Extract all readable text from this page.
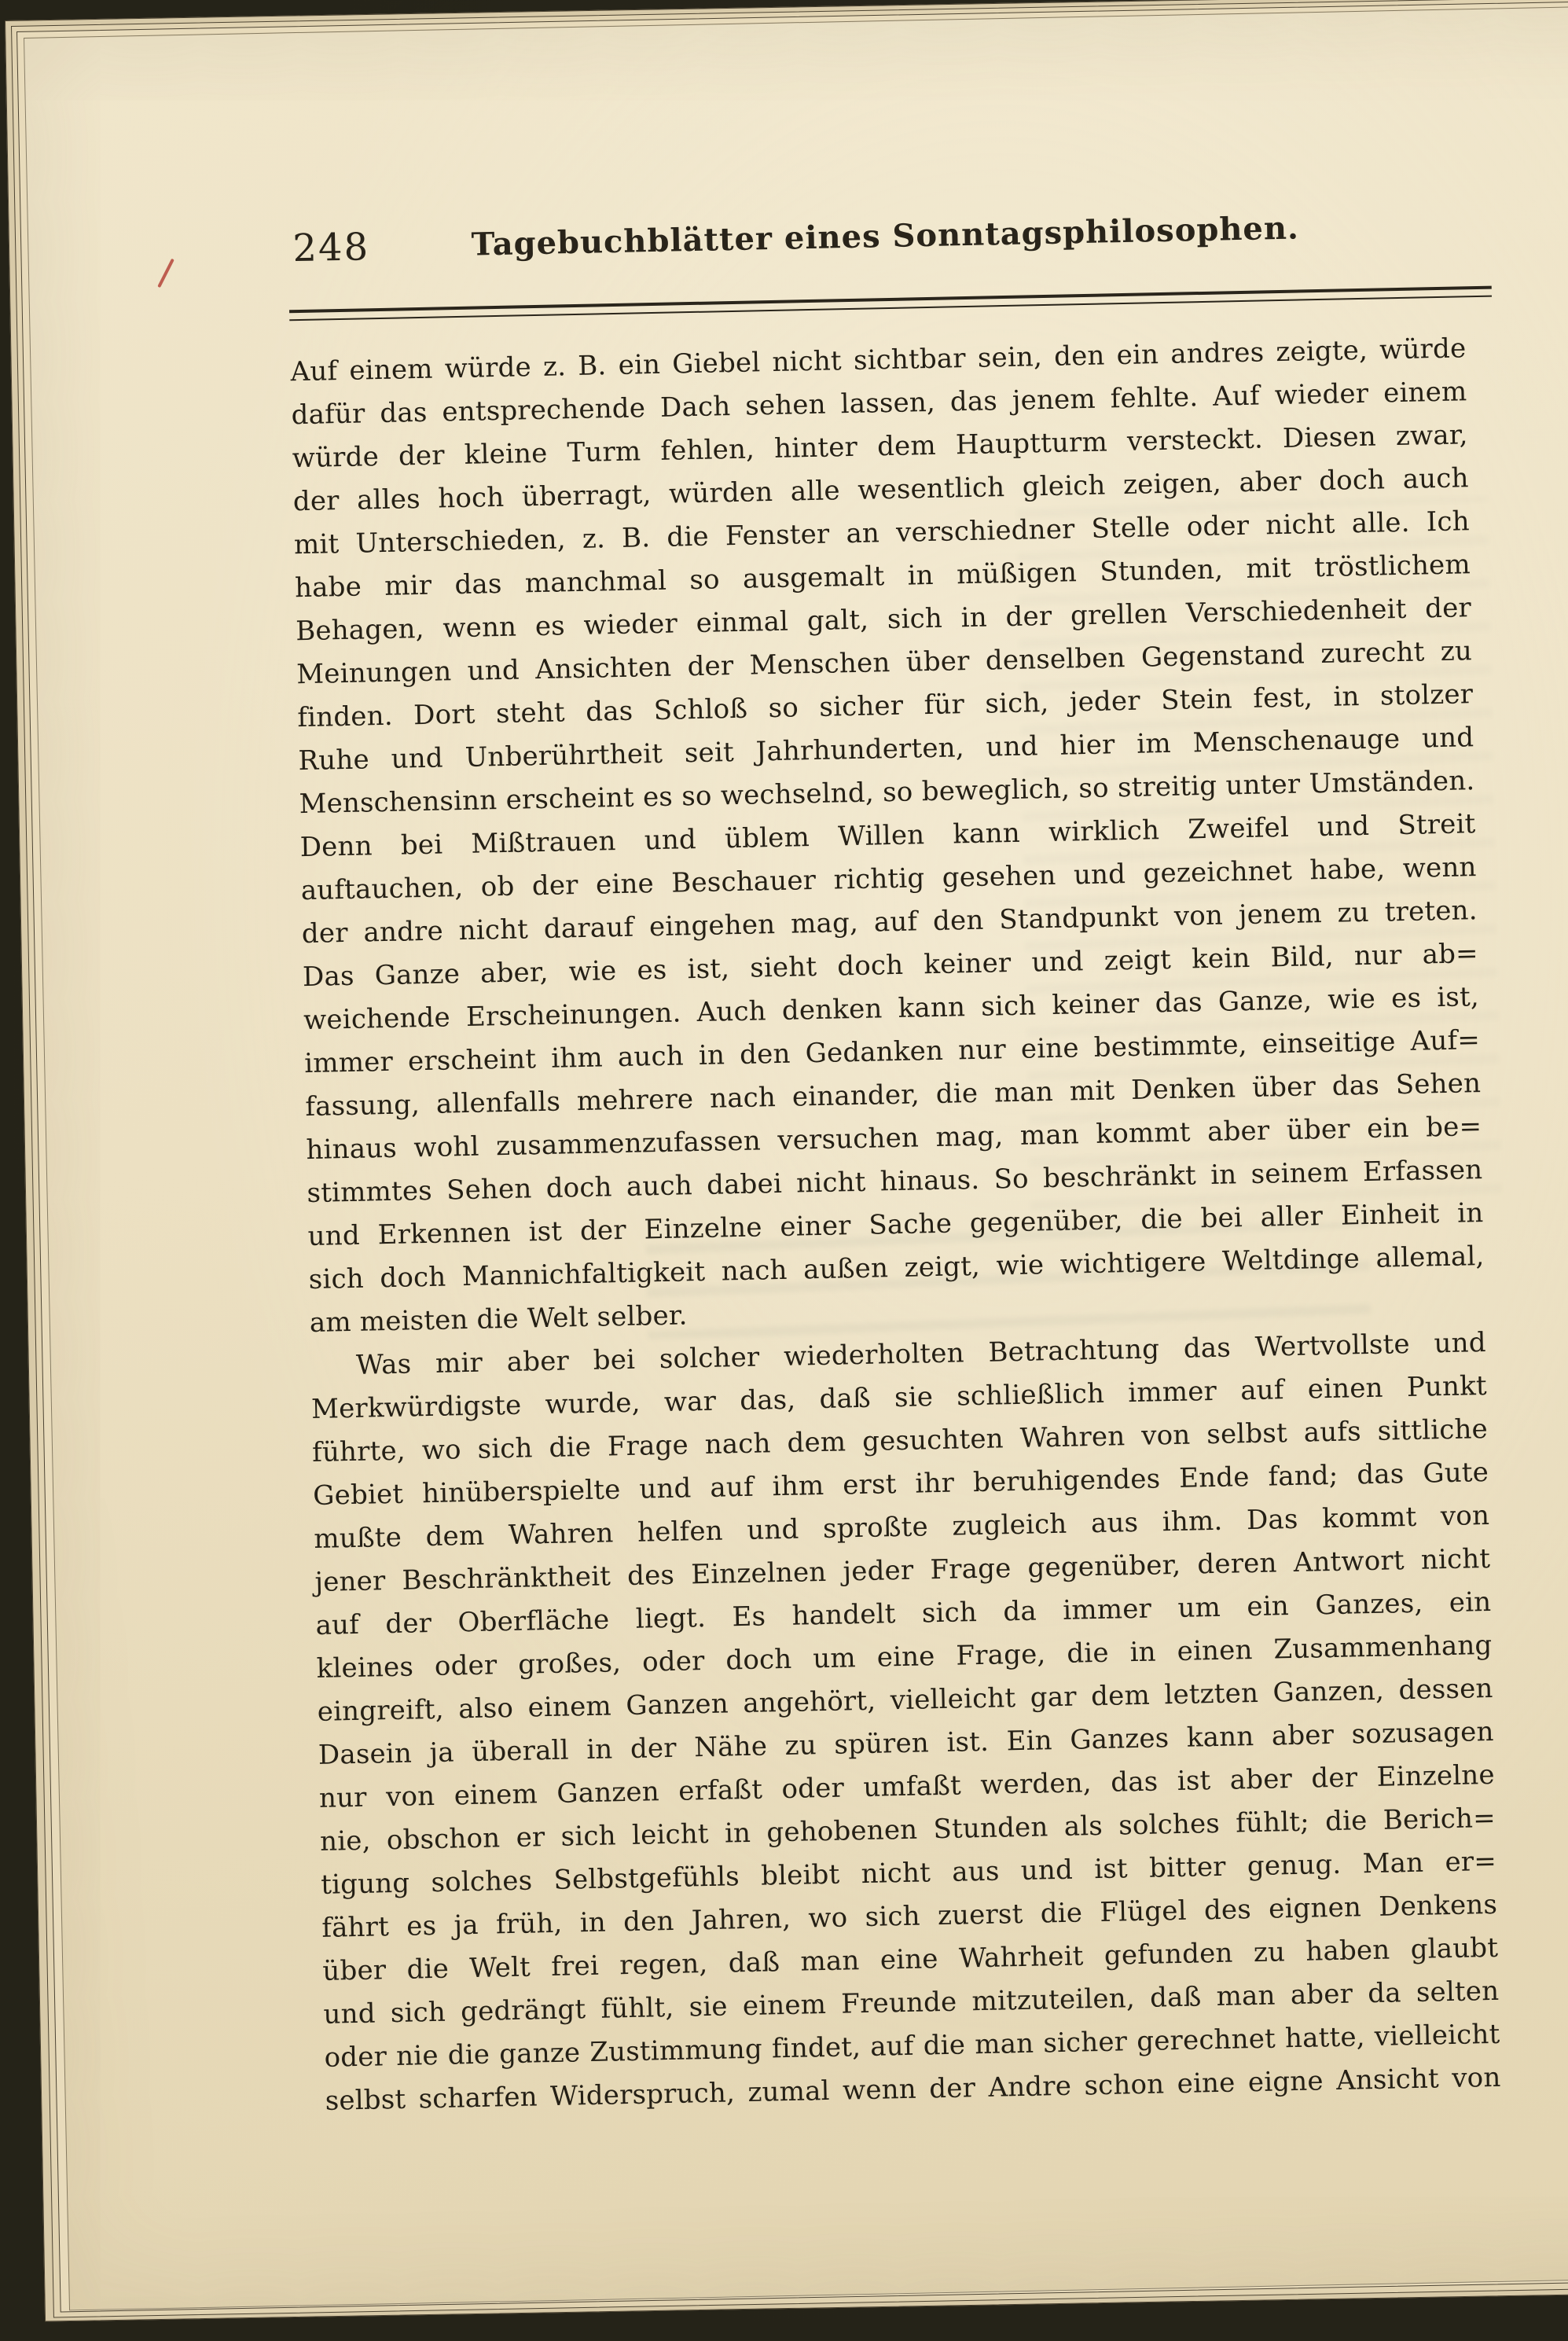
248	Tagebuchblätter eines Sonntagsphilosophen.
Auf einem würde z. B. ein Giebel nicht sichtbar sein, den ein andres zeigte, würde
dafür das entsprechende Dach sehen lassen, das jenem fehlte. Auf wieder einem
würde der kleine Turm fehlen, hinter dem Hauptturm versteckt. Diesen zwar,
der alles hoch überragt, würden alle wesentlich gleich zeigen, aber doch auch
mit Unterschieden, z. B. die Fenster an verschiedner Stelle oder nicht alle. Ich
habe mir das manchmal so ausgemalt in müßigen Stunden, mit tröstlichem
Behagen, wenn es wieder einmal galt, sich in der grellen Verschiedenheit der
Meinungen und Ansichten der Menschen über denselben Gegenstand zurecht zu
finden. Dort steht das Schloß so sicher für sich, jeder Stein fest, in stolzer
Ruhe und Unberührtheit seit Jahrhunderten, und hier im Menschenauge und
Menschensinn erscheint es so wechselnd, so beweglich, so streitig unter Umständen.
Denn bei Mißtrauen und üblem Willen kann wirklich Zweifel und Streit
auftauchen, ob der eine Beschauer richtig gesehen und gezeichnet habe, wenn
der andre nicht darauf eingehen mag, auf den Standpunkt von jenem zu treten.
Das Ganze aber, wie es ist, sieht doch keiner und zeigt kein Bild, nur ab=
weichende Erscheinungen. Auch denken kann sich keiner das Ganze, wie es ist,
immer erscheint ihm auch in den Gedanken nur eine bestimmte, einseitige Auf=
fassung, allenfalls mehrere nach einander, die man mit Denken über das Sehen
hinaus wohl zusammenzufassen versuchen mag, man kommt aber über ein be=
stimmtes Sehen doch auch dabei nicht hinaus. So beschränkt in seinem Erfassen
und Erkennen ist der Einzelne einer Sache gegenüber, die bei aller Einheit in
sich doch Mannichfaltigkeit nach außen zeigt, wie wichtigere Weltdinge allemal,
am meisten die Welt selber.
Was mir aber bei solcher wiederholten Betrachtung das Wertvollste und
Merkwürdigste wurde, war das, daß sie schließlich immer auf einen Punkt
führte, wo sich die Frage nach dem gesuchten Wahren von selbst aufs sittliche
Gebiet hinüberspielte und auf ihm erst ihr beruhigendes Ende fand; das Gute
mußte dem Wahren helfen und sproßte zugleich aus ihm. Das kommt von
jener Beschränktheit des Einzelnen jeder Frage gegenüber, deren Antwort nicht
auf der Oberfläche liegt. Es handelt sich da immer um ein Ganzes, ein
kleines oder großes, oder doch um eine Frage, die in einen Zusammenhang
eingreift, also einem Ganzen angehört, vielleicht gar dem letzten Ganzen, dessen
Dasein ja überall in der Nähe zu spüren ist. Ein Ganzes kann aber sozusagen
nur von einem Ganzen erfaßt oder umfaßt werden, das ist aber der Einzelne
nie, obschon er sich leicht in gehobenen Stunden als solches fühlt; die Berich=
tigung solches Selbstgefühls bleibt nicht aus und ist bitter genug. Man er=
fährt es ja früh, in den Jahren, wo sich zuerst die Flügel des eignen Denkens
über die Welt frei regen, daß man eine Wahrheit gefunden zu haben glaubt
und sich gedrängt fühlt, sie einem Freunde mitzuteilen, daß man aber da selten
oder nie die ganze Zustimmung findet, auf die man sicher gerechnet hatte, vielleicht
selbst scharfen Widerspruch, zumal wenn der Andre schon eine eigne Ansicht von
